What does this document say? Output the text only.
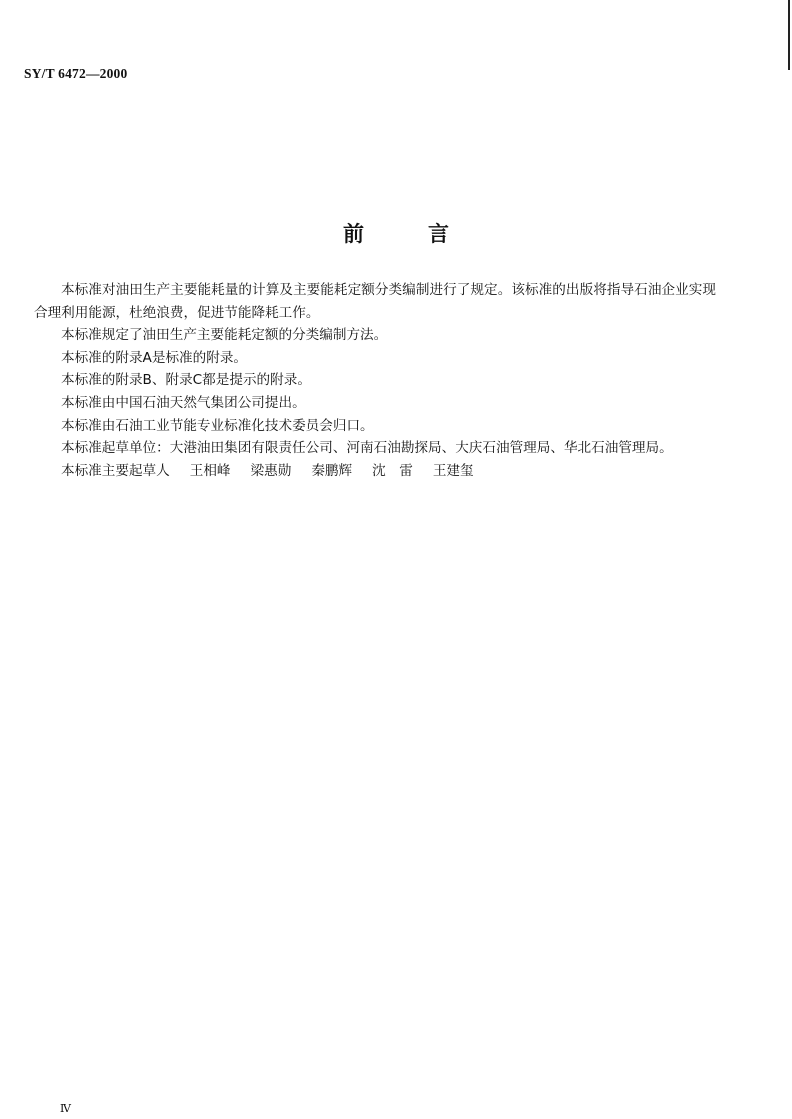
SY/T 6472—2000
前言

本标准对油田生产主要能耗量的计算及主要能耗定额分类编制进行了规定。该标准的出版将指导石油企业实现合理利用能源，杜绝浪费，促进节能降耗工作。

本标准规定了油田生产主要能耗定额的分类编制方法。

本标准的附录A是标准的附录。

本标准的附录B、附录C都是提示的附录。

本标准由中国石油天然气集团公司提出。

本标准由石油工业节能专业标准化技术委员会归口。

本标准起草单位：大港油田集团有限责任公司、河南石油勘探局、大庆石油管理局、华北石油管理局。

本标准主要起草人 王相峰 梁惠勋 秦鹏辉 沈　雷 王建玺

Ⅳ
